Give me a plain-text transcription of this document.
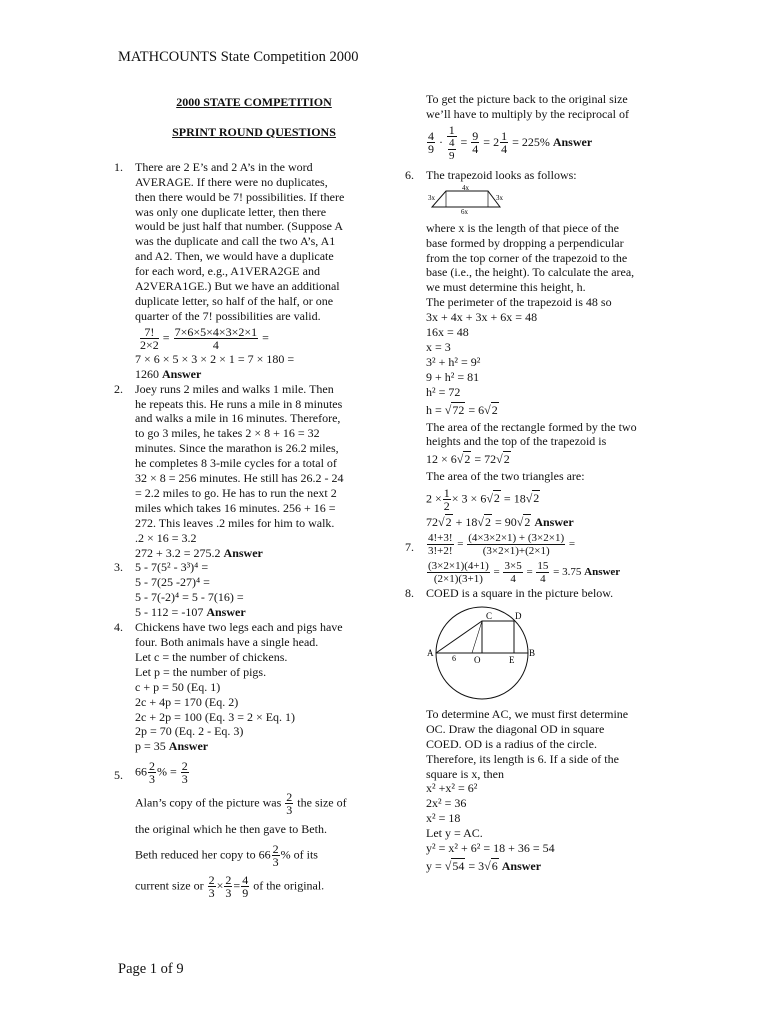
MATHCOUNTS State Competition 2000
2000 STATE COMPETITION
SPRINT ROUND QUESTIONS
1. There are 2 E’s and 2 A’s in the word
AVERAGE. If there were no duplicates,
then there would be 7! possibilities. If there
was only one duplicate letter, then there
would be just half that number. (Suppose A
was the duplicate and call the two A’s, A1
and A2. Then, we would have a duplicate
for each word, e.g., A1VERA2GE and
A2VERA1GE.) But we have an additional
duplicate letter, so half of the half, or one
quarter of the 7! possibilities are valid.
$\frac{7!}{2\times 2} = \frac{7\times 6\times 5\times 4\times 3\times 2\times 1}{4}$ =
7 × 6 × 5 × 3 × 2 × 1 = 7 × 180 =
1260 Answer
2. Joey runs 2 miles and walks 1 mile. Then
he repeats this. He runs a mile in 8 minutes
and walks a mile in 16 minutes. Therefore,
to go 3 miles, he takes 2 × 8 + 16 = 32
minutes. Since the marathon is 26.2 miles,
he completes 8 3-mile cycles for a total of
32 × 8 = 256 minutes. He still has 26.2 - 24
= 2.2 miles to go. He has to run the next 2
miles which takes 16 minutes. 256 + 16 =
272. This leaves .2 miles for him to walk.
.2 × 16 = 3.2
272 + 3.2 = 275.2 Answer
3. 5 - 7(5² - 3³)⁴ =
5 - 7(25 -27)⁴ =
5 - 7(-2)⁴ = 5 - 7(16) =
5 - 112 = -107 Answer
4. Chickens have two legs each and pigs have
four. Both animals have a single head.
Let c = the number of chickens.
Let p = the number of pigs.
c + p = 50 (Eq. 1)
2c + 4p = 170 (Eq. 2)
2c + 2p = 100 (Eq. 3 = 2 × Eq. 1)
2p = 70 (Eq. 2 - Eq. 3)
p = 35 Answer
5. $66 \frac{2}{3}$ % = $\frac{2}{3}$
Alan’s copy of the picture was $\frac{2}{3}$ the size of
the original which he then gave to Beth.
Beth reduced her copy to $66 \frac{2}{3}$ % of its
current size or $\frac{2}{3} \times \frac{2}{3} = \frac{4}{9}$ of the original.
To get the picture back to the original size
we’ll have to multiply by the reciprocal of
$\frac{4}{9} \cdot \frac{1}{\frac{4}{9}} = \frac{9}{4} = 2 \frac{1}{4} = 225\%$ Answer
6. The trapezoid looks as follows:
4x
3x	3x
6x
where x is the length of that piece of the
base formed by dropping a perpendicular
from the top corner of the trapezoid to the
base (i.e., the height). To calculate the area,
we must determine this height, h.
The perimeter of the trapezoid is 48 so
3x + 4x + 3x + 6x = 48
16x = 48
x = 3
3² + h² = 9²
9 + h² = 81
h² = 72
h = √72 = 6√2
The area of the rectangle formed by the two
heights and the top of the trapezoid is
12 × 6√2 = 72√2
The area of the two triangles are:
$2 \times \frac{1}{2} \times 3 \times 6√2 = 18√2$
72√2 + 18√2 = 90√2 Answer
7. $\frac{4!+3!}{3!+2!} = \frac{(4\times 3\times 2\times 1) + (3\times 2\times 1)}{(3\times 2\times 1)+(2\times 1)}$ =
$\frac{(3\times 2\times 1)(4+1)}{(2\times 1)(3+1)} = \frac{3\times 5}{4} = \frac{15}{4} = 3.75$ Answer
8. COED is a square in the picture below.
A	B
C	D
O	E
6
To determine AC, we must first determine
OC. Draw the diagonal OD in square
COED. OD is a radius of the circle.
Therefore, its length is 6. If a side of the
square is x, then
x² +x² = 6²
2x² = 36
x² = 18
Let y = AC.
y² = x² + 6² = 18 + 36 = 54
y = √54 = 3√6 Answer
Page 1 of 9
